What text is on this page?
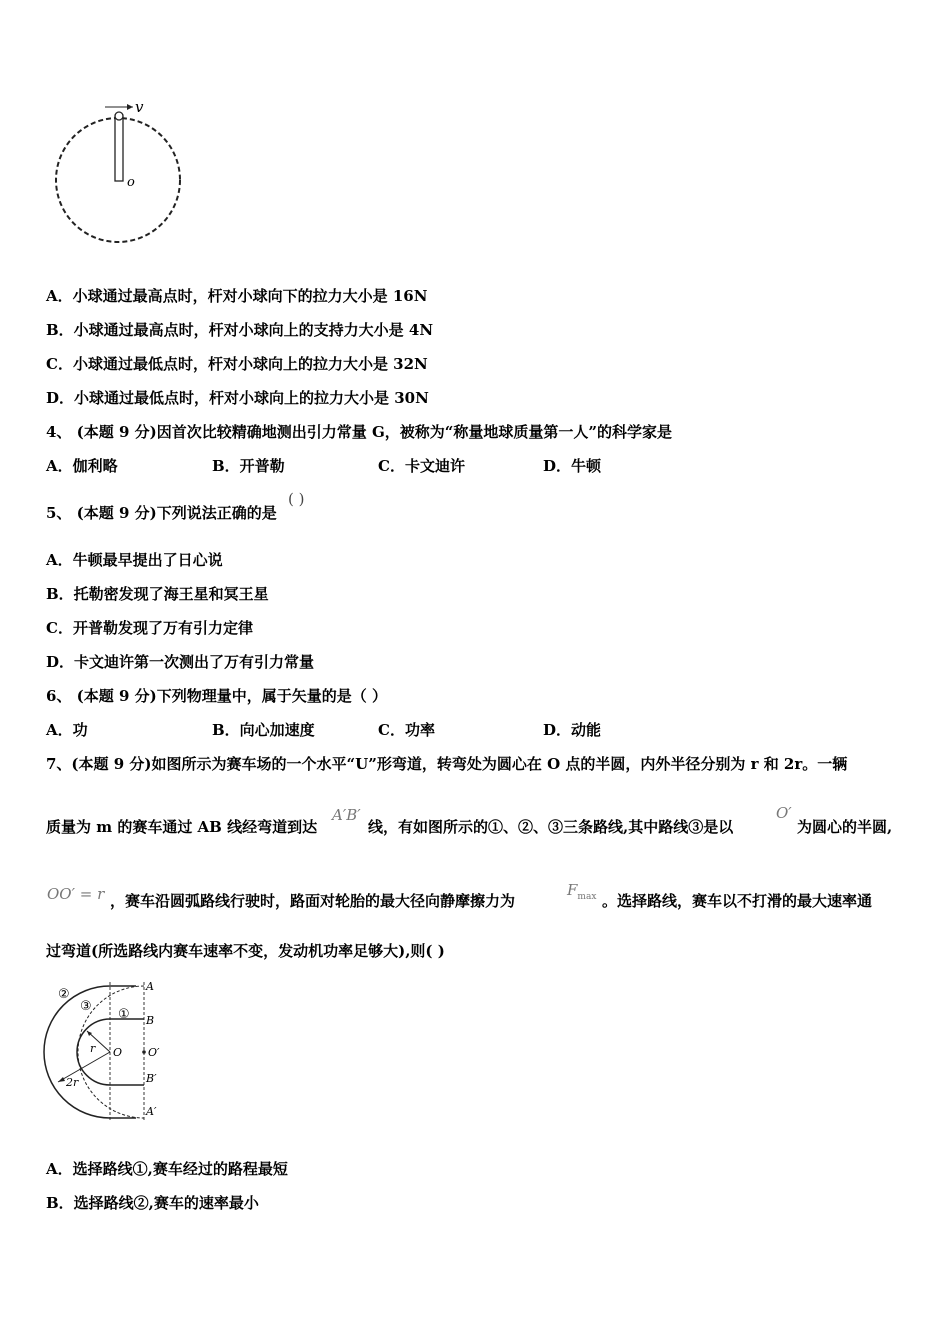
v
o
A．小球通过最高点时，杆对小球向下的拉力大小是 16N
B．小球通过最高点时，杆对小球向上的支持力大小是 4N
C．小球通过最低点时，杆对小球向上的拉力大小是 32N
D．小球通过最低点时，杆对小球向上的拉力大小是 30N
4、 (本题 9 分)因首次比较精确地测出引力常量 G，被称为“称量地球质量第一人”的科学家是
A．伽利略	B．开普勒	C．卡文迪许	D．牛顿
5、 (本题 9 分)下列说法正确的是
( )
A．牛顿最早提出了日心说
B．托勒密发现了海王星和冥王星
C．开普勒发现了万有引力定律
D．卡文迪许第一次测出了万有引力常量
6、 (本题 9 分)下列物理量中，属于矢量的是（ ）
A．功	B．向心加速度	C．功率	D．动能
7、(本题 9 分)如图所示为赛车场的一个水平“U”形弯道，转弯处为圆心在 O 点的半圆，内外半径分别为 r 和 2r。一辆
质量为 m 的赛车通过 AB 线经弯道到达
A′B′
线，有如图所示的①、②、③三条路线,其中路线③是以
O′
为圆心的半圆,
OO′ = r ，赛车沿圆弧路线行驶时，路面对轮胎的最大径向静摩擦力为
$F_{max}$ 。选择路线，赛车以不打滑的最大速率通
过弯道(所选路线内赛车速率不变，发动机功率足够大),则( )
A
B
O′
B′
A′
O
r
2r
①
②
③
A．选择路线①,赛车经过的路程最短
B．选择路线②,赛车的速率最小
